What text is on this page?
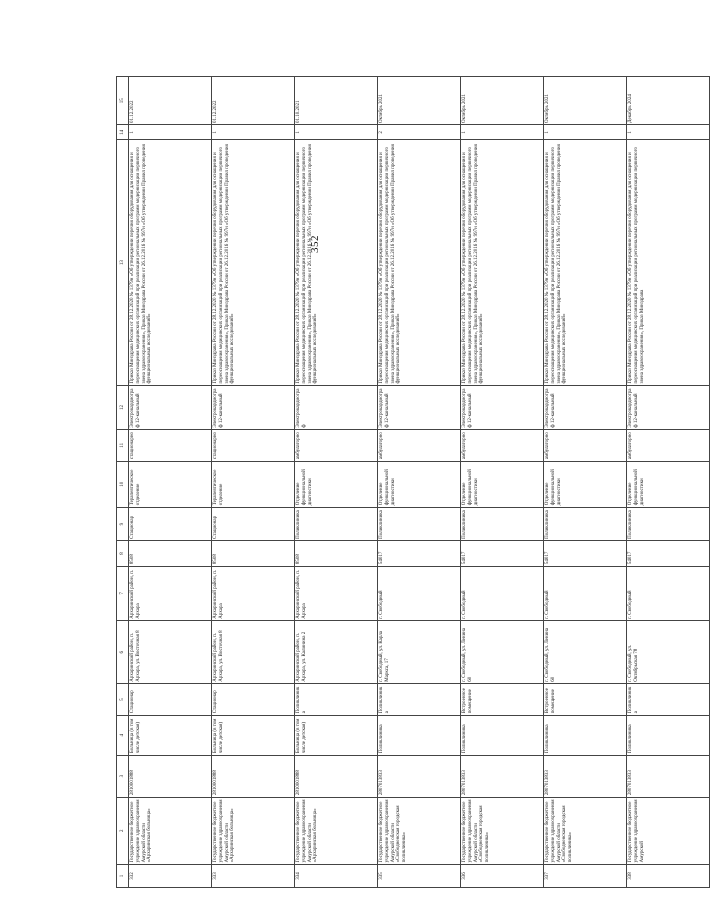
352
1	2	3	4	5	6	7	8	9	10	11	12	13	14	15
332	Государственное бюджетное учреждение здравоохранения Амурской области «Архаринская больница»	2810001888	Больница (в том числе детская)	Стационар	Архаринский район, п. Архара, ул. Восточная 8	Архаринский район, п. Архара	8508	Стационар	Терапевтическое отделение	стационарно	Электрокардиограф 12-канальный	Приказ Минздрава России от 28.12.2020 № 1379н «Об утверждении перечня оборудования для оснащения и переоснащения медицинских организаций при реализации региональных программ модернизации первичного звена здравоохранения», Приказ Минздрава России от 26.12.2016 № 997н «Об утверждении Правил проведения функциональных исследований»	1	01.12.2022
333	Государственное бюджетное учреждение здравоохранения Амурской области «Архаринская больница»	2810001888	Больница (в том числе детская)	Стационар	Архаринский район, п. Архара, ул. Восточная 8	Архаринский район, п. Архара	8508	Стационар	Терапевтическое отделение	стационарно	Электрокардиограф 12-канальный	Приказ Минздрава России от 28.12.2020 № 1379н «Об утверждении перечня оборудования для оснащения и переоснащения медицинских организаций при реализации региональных программ модернизации первичного звена здравоохранения», Приказ Минздрава России от 26.12.2016 № 997н «Об утверждении Правил проведения функциональных исследований»	1	01.12.2022
334	Государственное бюджетное учреждение здравоохранения Амурской области «Архаринская больница»	2810001888	Больница (в том числе детская)	Поликлиника	Архаринский район, п. Архара, ул. Калинина 2	Архаринский район, п. Архара	8508	Поликлиника	Отделение функциональной диагностики	амбулаторно	Электрокардиограф	Приказ Минздрава России от 28.12.2020 № 1379н «Об утверждении перечня оборудования для оснащения и переоснащения медицинских организаций при реализации региональных программ модернизации первичного звена здравоохранения», Приказ Минздрава России от 26.12.2016 № 997н «Об утверждении Правил проведения функциональных исследований»	1	01.10.2021
335	Государственное бюджетное учреждение здравоохранения Амурской области «Свободненская городская поликлиника»	2807013833	Поликлиника	Поликлиника	г. Свободный, ул. Карла Маркса, 17	г. Свободный	54017	Поликлиника	Отделение функциональной диагностики	амбулаторно	Электрокардиограф 12-канальный	Приказ Минздрава России от 28.12.2020 № 1379н «Об утверждении перечня оборудования для оснащения и переоснащения медицинских организаций при реализации региональных программ модернизации первичного звена здравоохранения», Приказ Минздрава России от 26.12.2016 № 997н «Об утверждении Правил проведения функциональных исследований»	2	Октябрь 2021
336	Государственное бюджетное учреждение здравоохранения Амурской области «Свободненская городская поликлиника»	2807013833	Поликлиника	Встроенное помещение	г. Свободный, ул. Ленина 60	г. Свободный	54017	Поликлиника	Отделение функциональной диагностики	амбулаторно	Электрокардиограф 12-канальный	Приказ Минздрава России от 28.12.2020 № 1379н «Об утверждении перечня оборудования для оснащения и переоснащения медицинских организаций при реализации региональных программ модернизации первичного звена здравоохранения», Приказ Минздрава России от 26.12.2016 № 997н «Об утверждении Правил проведения функциональных исследований»	1	Октябрь 2021
337	Государственное бюджетное учреждение здравоохранения Амурской области «Свободненская городская поликлиника»	2807013833	Поликлиника	Встроенное помещение	г. Свободный, ул. Ленина 60	г. Свободный	54017	Поликлиника	Отделение функциональной диагностики	амбулаторно	Электрокардиограф 12-канальный	Приказ Минздрава России от 28.12.2020 № 1379н «Об утверждении перечня оборудования для оснащения и переоснащения медицинских организаций при реализации региональных программ модернизации первичного звена здравоохранения», Приказ Минздрава России от 26.12.2016 № 997н «Об утверждении Правил проведения функциональных исследований»	1	Октябрь 2021
338	Государственное бюджетное учреждение здравоохранения Амурской	2807013833	Поликлиника	Поликлиника	г. Свободный, ул. Октябрьская 78	г. Свободный	54017	Поликлиника	Отделение функциональной диагностики	амбулаторно	Электрокардиограф 12-канальный	Приказ Минздрава России от 28.12.2020 № 1379н «Об утверждении перечня оборудования для оснащения и переоснащения медицинских организаций при реализации региональных программ модернизации первичного звена здравоохранения», Приказ Минздрава	1	Декабрь 2024
